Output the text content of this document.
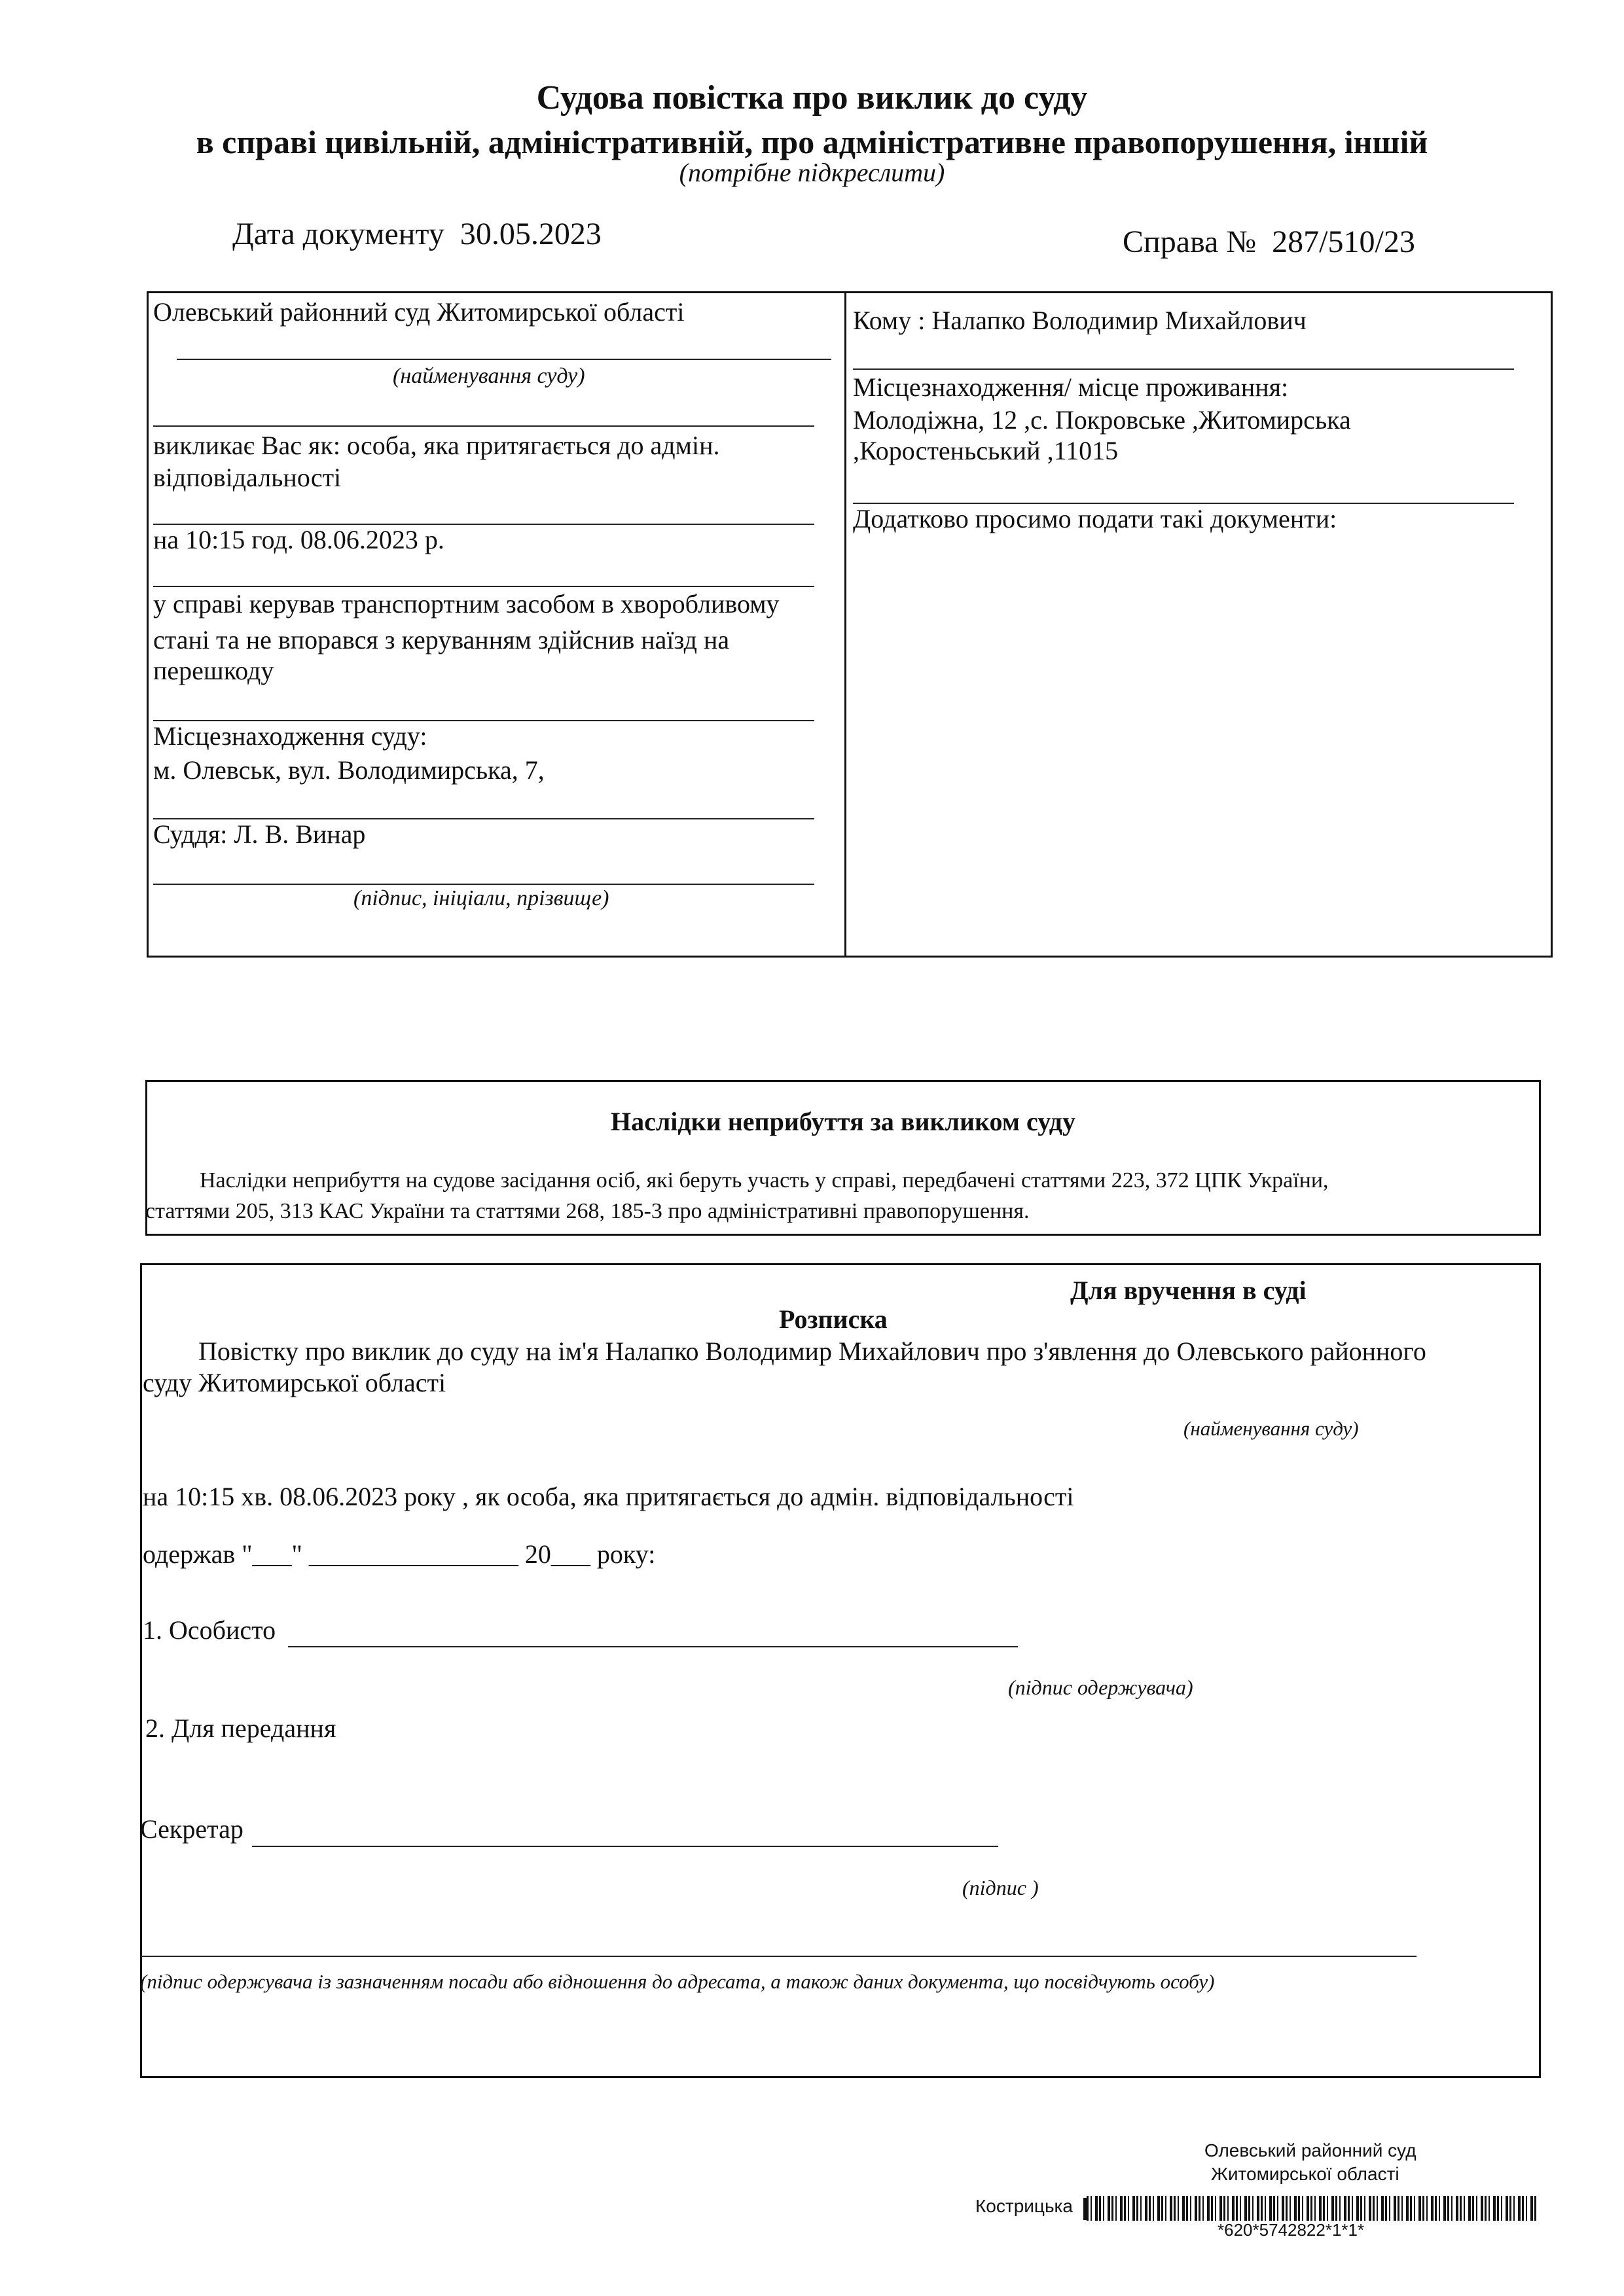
Судова повістка про виклик до суду
в справі цивільній, адміністративній, про адміністративне правопорушення, іншій
(потрібне підкреслити)
Дата документу 30.05.2023	Справа № 287/510/23
Олевський районний суд Житомирської області
(найменування суду)
викликає Вас як: особа, яка притягається до адмін.
відповідальності
на 10:15 год. 08.06.2023 р.
у справі керував транспортним засобом в хворобливому
стані та не впорався з керуванням здійснив наїзд на
перешкоду
Місцезнаходження суду:
м. Олевськ, вул. Володимирська, 7,
Суддя: Л. В. Винар
(підпис, ініціали, прізвище)
Кому : Налапко Володимир Михайлович
Місцезнаходження/ місце проживання:
Молодіжна, 12 ,с. Покровське ,Житомирська
,Коростеньський ,11015
Додатково просимо подати такі документи:
Наслідки неприбуття за викликом суду
Наслідки неприбуття на судове засідання осіб, які беруть участь у справі, передбачені статтями 223, 372 ЦПК України,
статтями 205, 313 КАС України та статтями 268, 185-3 про адміністративні правопорушення.
Для вручення в суді
Розписка
Повістку про виклик до суду на ім'я Налапко Володимир Михайлович про з'явлення до Олевського районного
суду Житомирської області
(найменування суду)
на 10:15 хв. 08.06.2023 року , як особа, яка притягається до адмін. відповідальності
одержав "___" ________________ 20___ року:
1. Особисто
(підпис одержувача)
2. Для передання
Секретар
(підпис )
(підпис одержувача із зазначенням посади або відношення до адресата, а також даних документа, що посвідчують особу)
Олевський районний суд
Житомирської області
Кострицька
*620*5742822*1*1*
